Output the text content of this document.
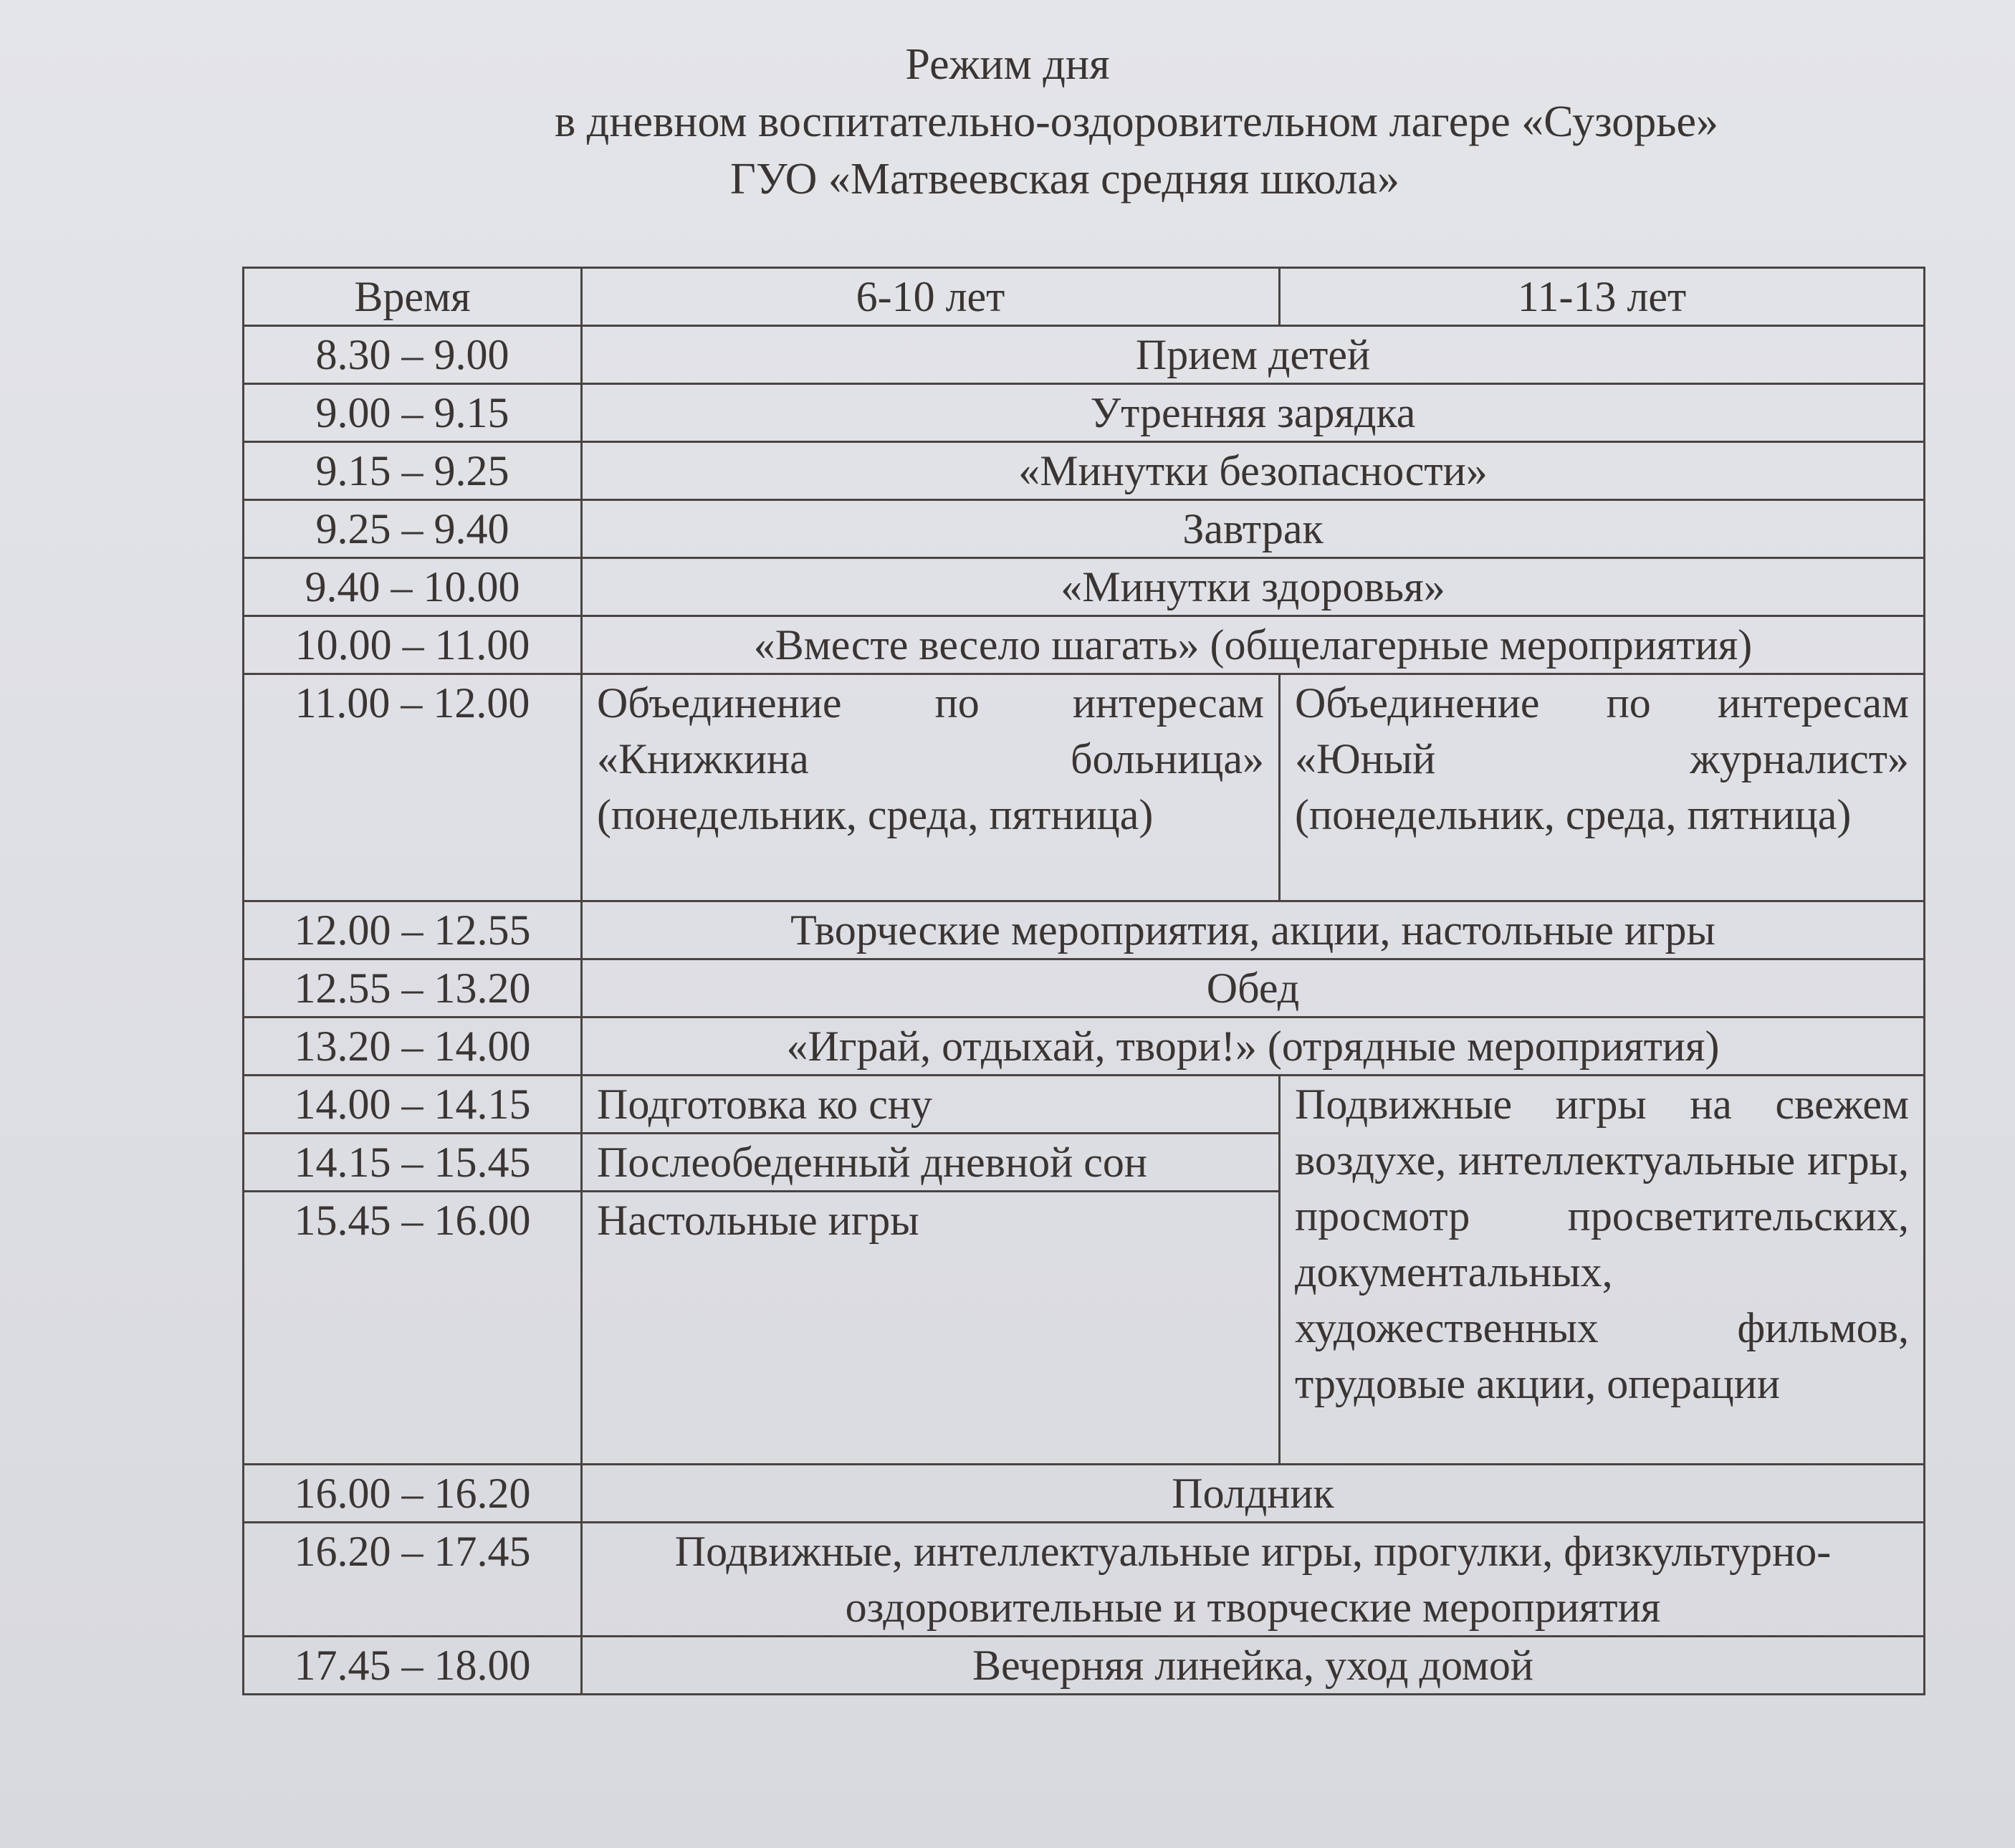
Режим дня
в дневном воспитательно-оздоровительном лагере «Сузорье»
ГУО «Матвеевская средняя школа»
Время	6-10 лет	11-13 лет
8.30 – 9.00	Прием детей	
9.00 – 9.15	Утренняя зарядка	
9.15 – 9.25	«Минутки безопасности»	
9.25 – 9.40	Завтрак	
9.40 – 10.00	«Минутки здоровья»	
10.00 – 11.00	«Вместе весело шагать» (общелагерные мероприятия)	
11.00 – 12.00	Объединение по интересам «Книжкина больница» (понедельник, среда, пятница)	Объединение по интересам «Юный журналист» (понедельник, среда, пятница)
12.00 – 12.55	Творческие мероприятия, акции, настольные игры	
12.55 – 13.20	Обед	
13.20 – 14.00	«Играй, отдыхай, твори!» (отрядные мероприятия)	
14.00 – 14.15	Подготовка ко сну	Подвижные игры на свежем воздухе, интеллектуальные игры, просмотр просветительских, документальных, художественных фильмов, трудовые акции, операции
14.15 – 15.45	Послеобеденный дневной сон	
15.45 – 16.00	Настольные игры	
16.00 – 16.20	Полдник	
16.20 – 17.45	Подвижные, интеллектуальные игры, прогулки, физкультурно-оздоровительные и творческие мероприятия	
17.45 – 18.00	Вечерняя линейка, уход домой	
